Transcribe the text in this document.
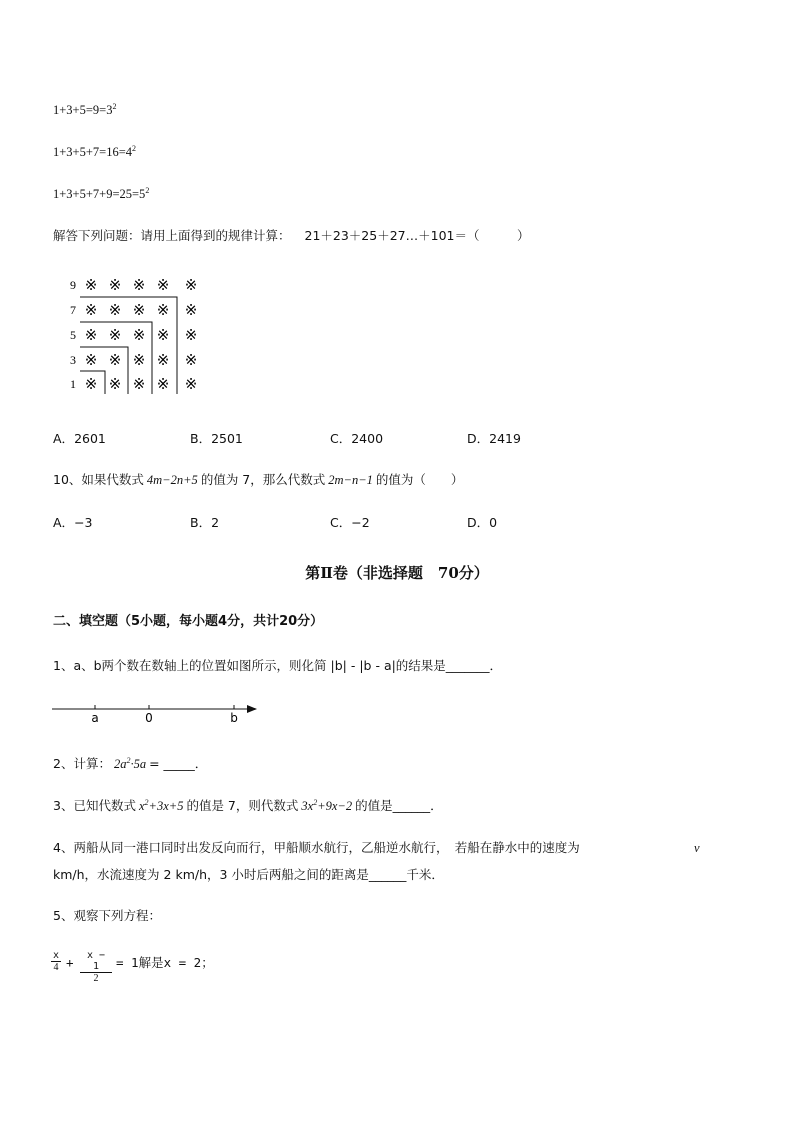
$1+3+5=9=3^2$
$1+3+5+7=16=4^2$
$1+3+5+7+9=25=5^2$
解答下列问题：请用上面得到的规律计算： 21＋23＋25＋27…＋101＝（　　　）
9 ※ ※ ※ ※ ※
7 ※ ※ ※ ※ ※
5 ※ ※ ※ ※ ※
3 ※ ※ ※ ※ ※
1 ※ ※ ※ ※ ※
A．2601	B．2501	C．2400	D．2419
10、如果代数式 4m−2n+5 的值为 7，那么代数式 2m−n−1 的值为（　　）
A．−3	B．2	C．−2	D．0
第Ⅱ卷（非选择题　70分）
二、填空题（5小题，每小题4分，共计20分）
1、a、b两个数在数轴上的位置如图所示，则化简 |b| - |b - a|的结果是_______．
a	0	b
2、计算： $2a^2\cdot 5a$ = _____．
3、已知代数式 $x^2+3x+5$ 的值是 7，则代数式 $3x^2+9x-2$ 的值是______．
4、两船从同一港口同时出发反向而行，甲船顺水航行，乙船逆水航行，　若船在静水中的速度为	v
km/h，水流速度为 2 km/h，3 小时后两船之间的距离是______千米．
5、观察下列方程：
$\frac{x}{4} + \frac{x - 1}{2} = 1$解是x = 2；
